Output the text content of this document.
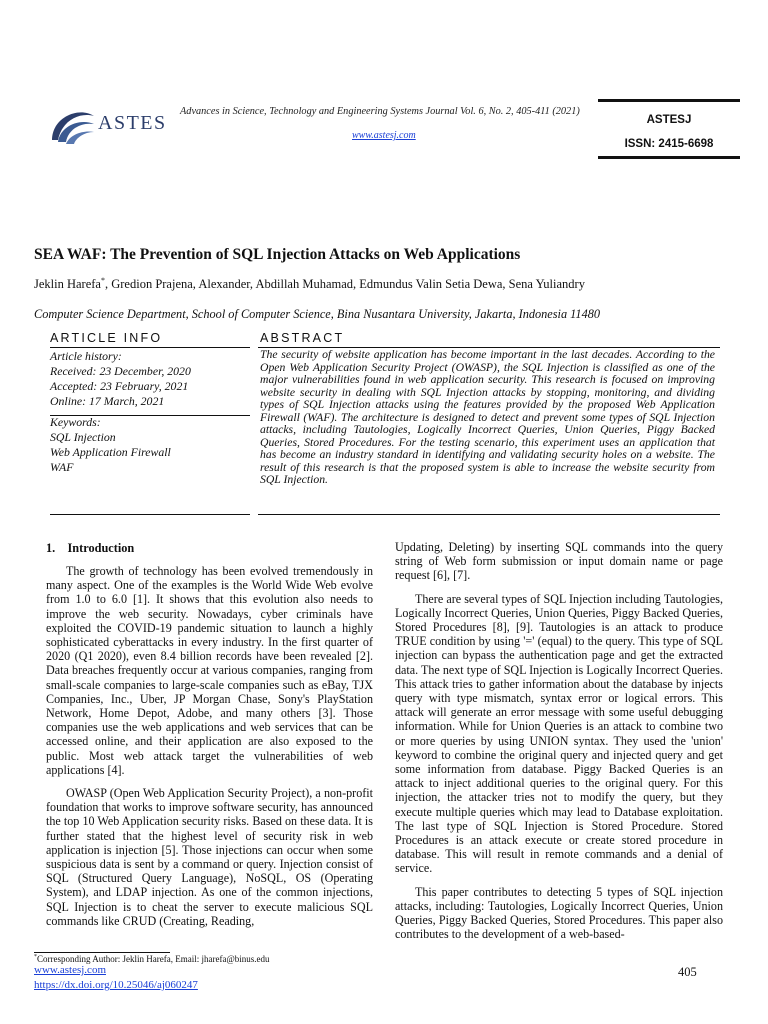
ASTES
Advances in Science, Technology and Engineering Systems Journal Vol. 6, No. 2, 405-411 (2021)
www.astesj.com
ASTESJ
ISSN: 2415-6698
SEA WAF: The Prevention of SQL Injection Attacks on Web Applications
Jeklin Harefa*, Gredion Prajena, Alexander, Abdillah Muhamad, Edmundus Valin Setia Dewa, Sena Yuliandry
Computer Science Department, School of Computer Science, Bina Nusantara University, Jakarta, Indonesia 11480
ARTICLE INFO	ABSTRACT
Article history:
Received: 23 December, 2020
Accepted: 23 February, 2021
Online: 17 March, 2021
Keywords:
SQL Injection
Web Application Firewall
WAF
The security of website application has become important in the last decades. According to the Open Web Application Security Project (OWASP), the SQL Injection is classified as one of the major vulnerabilities found in web application security. This research is focused on improving website security in dealing with SQL Injection attacks by stopping, monitoring, and dividing types of SQL Injection attacks using the features provided by the proposed Web Application Firewall (WAF). The architecture is designed to detect and prevent some types of SQL Injection attacks, including Tautologies, Logically Incorrect Queries, Union Queries, Piggy Backed Queries, Stored Procedures. For the testing scenario, this experiment uses an application that has become an industry standard in identifying and validating security holes on a website. The result of this research is that the proposed system is able to increase the website security from SQL Injection.
1.    Introduction

The growth of technology has been evolved tremendously in many aspect. One of the examples is the World Wide Web evolve from 1.0 to 6.0 [1]. It shows that this evolution also needs to improve the web security. Nowadays, cyber criminals have exploited the COVID-19 pandemic situation to launch a highly sophisticated cyberattacks in every industry. In the first quarter of 2020 (Q1 2020), even 8.4 billion records have been revealed [2]. Data breaches frequently occur at various companies, ranging from small-scale companies to large-scale companies such as eBay, TJX Companies, Inc., Uber, JP Morgan Chase, Sony's PlayStation Network, Home Depot, Adobe, and many others [3]. Those companies use the web applications and web services that can be accessed online, and their application are also exposed to the public. Most web attack target the vulnerabilities of web applications [4].

OWASP (Open Web Application Security Project), a non-profit foundation that works to improve software security, has announced the top 10 Web Application security risks. Based on these data. It is further stated that the highest level of security risk in web application is injection [5]. Those injections can occur when some suspicious data is sent by a command or query. Injection consist of SQL (Structured Query Language), NoSQL, OS (Operating System), and LDAP injection. As one of the common injections, SQL Injection is to cheat the server to execute malicious SQL commands like CRUD (Creating, Reading,

Updating, Deleting) by inserting SQL commands into the query string of Web form submission or input domain name or page request [6], [7].

There are several types of SQL Injection including Tautologies, Logically Incorrect Queries, Union Queries, Piggy Backed Queries, Stored Procedures [8], [9]. Tautologies is an attack to produce TRUE condition by using '=' (equal) to the query. This type of SQL injection can bypass the authentication page and get the extracted data. The next type of SQL Injection is Logically Incorrect Queries. This attack tries to gather information about the database by injects query with type mismatch, syntax error or logical errors. This attack will generate an error message with some useful debugging information. While for Union Queries is an attack to combine two or more queries by using UNION syntax. They used the 'union' keyword to combine the original query and injected query and get some information from database. Piggy Backed Queries is an attack to inject additional queries to the original query. For this injection, the attacker tries not to modify the query, but they execute multiple queries which may lead to Database exploitation. The last type of SQL Injection is Stored Procedure. Stored Procedures is an attack execute or create stored procedure in database. This will result in remote commands and a denial of service.

This paper contributes to detecting 5 types of SQL injection attacks, including: Tautologies, Logically Incorrect Queries, Union Queries, Piggy Backed Queries, Stored Procedures. This paper also contributes to the development of a web-based-

*Corresponding Author: Jeklin Harefa, Email: jharefa@binus.edu
www.astesj.com
https://dx.doi.org/10.25046/aj060247
405
